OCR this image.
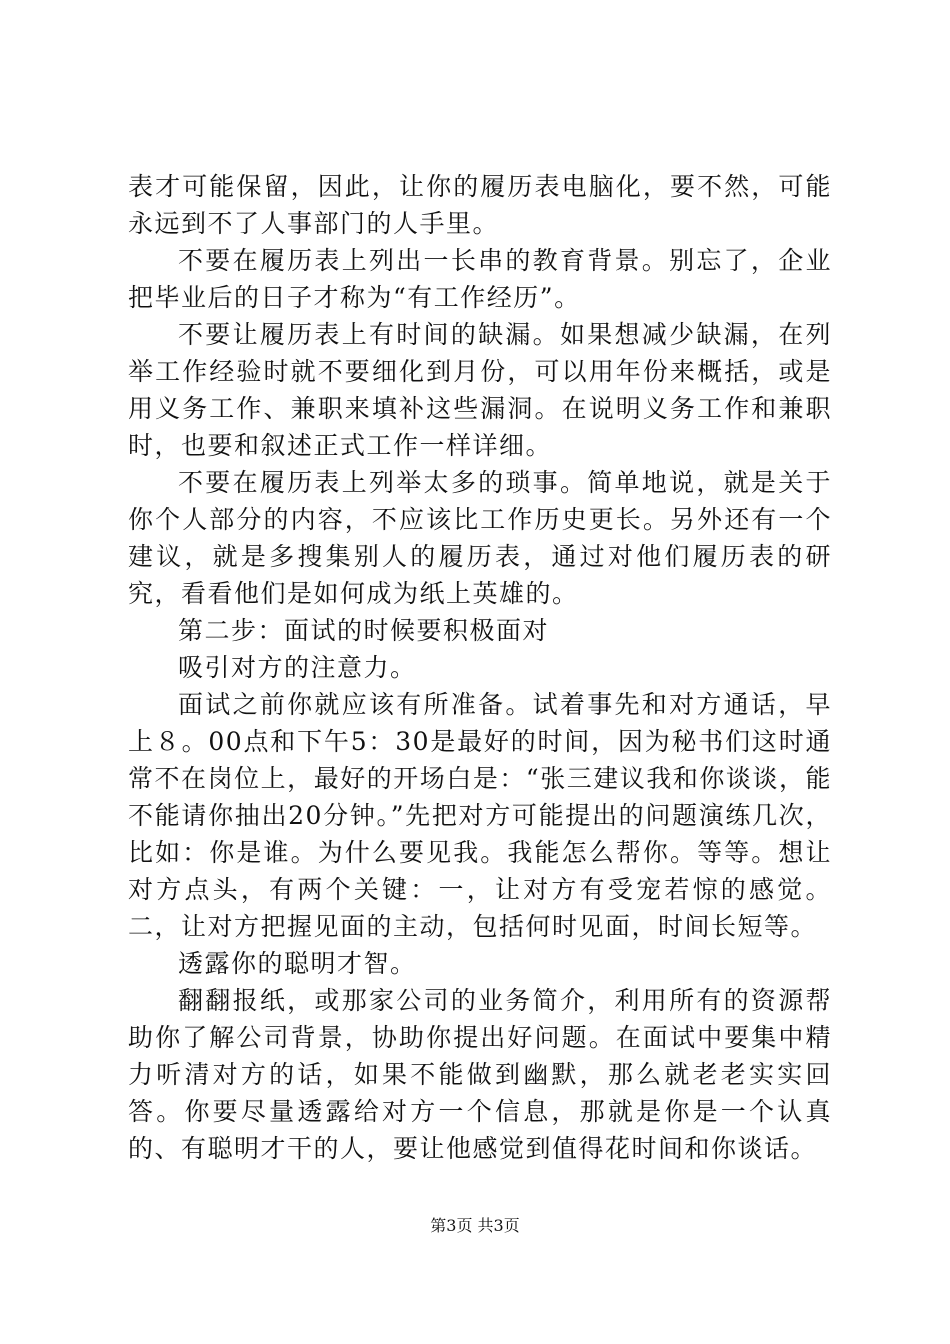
表才可能保留，因此，让你的履历表电脑化，要不然，可能永远到不了人事部门的人手里。

不要在履历表上列出一长串的教育背景。别忘了，企业把毕业后的日子才称为“有工作经历”。

不要让履历表上有时间的缺漏。如果想减少缺漏，在列举工作经验时就不要细化到月份，可以用年份来概括，或是用义务工作、兼职来填补这些漏洞。在说明义务工作和兼职时，也要和叙述正式工作一样详细。

不要在履历表上列举太多的琐事。简单地说，就是关于你个人部分的内容，不应该比工作历史更长。另外还有一个建议，就是多搜集别人的履历表，通过对他们履历表的研究，看看他们是如何成为纸上英雄的。

第二步：面试的时候要积极面对

吸引对方的注意力。

面试之前你就应该有所准备。试着事先和对方通话，早上８。00点和下午5：30是最好的时间，因为秘书们这时通常不在岗位上，最好的开场白是：“张三建议我和你谈谈，能不能请你抽出20分钟。”先把对方可能提出的问题演练几次，比如：你是谁。为什么要见我。我能怎么帮你。等等。想让对方点头，有两个关键：一，让对方有受宠若惊的感觉。二，让对方把握见面的主动，包括何时见面，时间长短等。

透露你的聪明才智。

翻翻报纸，或那家公司的业务简介，利用所有的资源帮助你了解公司背景，协助你提出好问题。在面试中要集中精力听清对方的话，如果不能做到幽默，那么就老老实实回答。你要尽量透露给对方一个信息，那就是你是一个认真的、有聪明才干的人，要让他感觉到值得花时间和你谈话。

第3页 共3页
